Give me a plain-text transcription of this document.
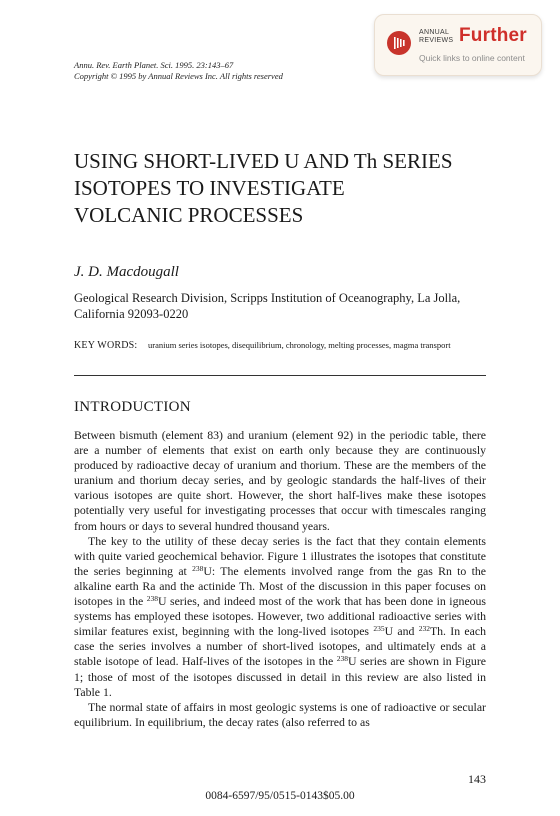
ANNUAL
REVIEWS Further
Quick links to online content
Annu. Rev. Earth Planet. Sci. 1995. 23:143–67
Copyright © 1995 by Annual Reviews Inc. All rights reserved
USING SHORT-LIVED U AND Th SERIES
ISOTOPES TO INVESTIGATE
VOLCANIC PROCESSES
J. D. Macdougall
Geological Research Division, Scripps Institution of Oceanography, La Jolla, California 92093-0220
KEY WORDS: uranium series isotopes, disequilibrium, chronology, melting processes, magma transport
INTRODUCTION

Between bismuth (element 83) and uranium (element 92) in the periodic table, there are a number of elements that exist on earth only because they are continuously produced by radioactive decay of uranium and thorium. These are the members of the uranium and thorium decay series, and by geologic standards the half-lives of their various isotopes are quite short. However, the short half-lives make these isotopes potentially very useful for investigating processes that occur with timescales ranging from hours or days to several hundred thousand years.

The key to the utility of these decay series is the fact that they contain elements with quite varied geochemical behavior. Figure 1 illustrates the isotopes that constitute the series beginning at $^{238}$U: The elements involved range from the gas Rn to the alkaline earth Ra and the actinide Th. Most of the discussion in this paper focuses on isotopes in the $^{238}$U series, and indeed most of the work that has been done in igneous systems has employed these isotopes. However, two additional radioactive series with similar features exist, beginning with the long-lived isotopes $^{235}$U and $^{232}$Th. In each case the series involves a number of short-lived isotopes, and ultimately ends at a stable isotope of lead. Half-lives of the isotopes in the $^{238}$U series are shown in Figure 1; those of most of the isotopes discussed in detail in this review are also listed in Table 1.

The normal state of affairs in most geologic systems is one of radioactive or secular equilibrium. In equilibrium, the decay rates (also referred to as

143
0084-6597/95/0515-0143$05.00
